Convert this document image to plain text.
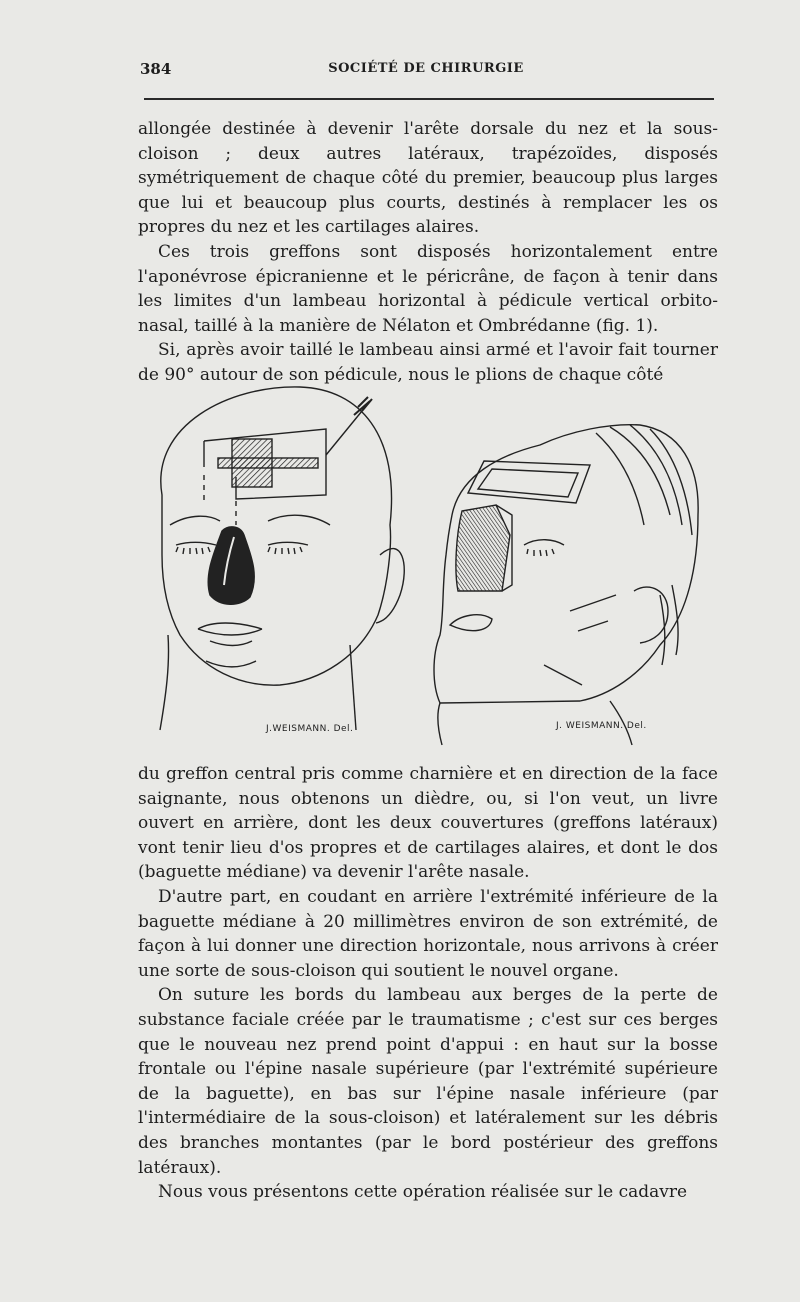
384	SOCIÉTÉ DE CHIRURGIE

allongée destinée à devenir l'arête dorsale du nez et la sous-cloison ; deux autres latéraux, trapézoïdes, disposés symétriquement de chaque côté du premier, beaucoup plus larges que lui et beaucoup plus courts, destinés à remplacer les os propres du nez et les cartilages alaires.

Ces trois greffons sont disposés horizontalement entre l'aponévrose épicranienne et le péricrâne, de façon à tenir dans les limites d'un lambeau horizontal à pédicule vertical orbito-nasal, taillé à la manière de Nélaton et Ombrédanne (fig. 1).

Si, après avoir taillé le lambeau ainsi armé et l'avoir fait tourner de 90° autour de son pédicule, nous le plions de chaque côté

J.WEISMANN. Del.	J. WEISMANN. Del.

du greffon central pris comme charnière et en direction de la face saignante, nous obtenons un dièdre, ou, si l'on veut, un livre ouvert en arrière, dont les deux couvertures (greffons latéraux) vont tenir lieu d'os propres et de cartilages alaires, et dont le dos (baguette médiane) va devenir l'arête nasale.

D'autre part, en coudant en arrière l'extrémité inférieure de la baguette médiane à 20 millimètres environ de son extrémité, de façon à lui donner une direction horizontale, nous arrivons à créer une sorte de sous-cloison qui soutient le nouvel organe.

On suture les bords du lambeau aux berges de la perte de substance faciale créée par le traumatisme ; c'est sur ces berges que le nouveau nez prend point d'appui : en haut sur la bosse frontale ou l'épine nasale supérieure (par l'extrémité supérieure de la baguette), en bas sur l'épine nasale inférieure (par l'intermédiaire de la sous-cloison) et latéralement sur les débris des branches montantes (par le bord postérieur des greffons latéraux).

Nous vous présentons cette opération réalisée sur le cadavre
